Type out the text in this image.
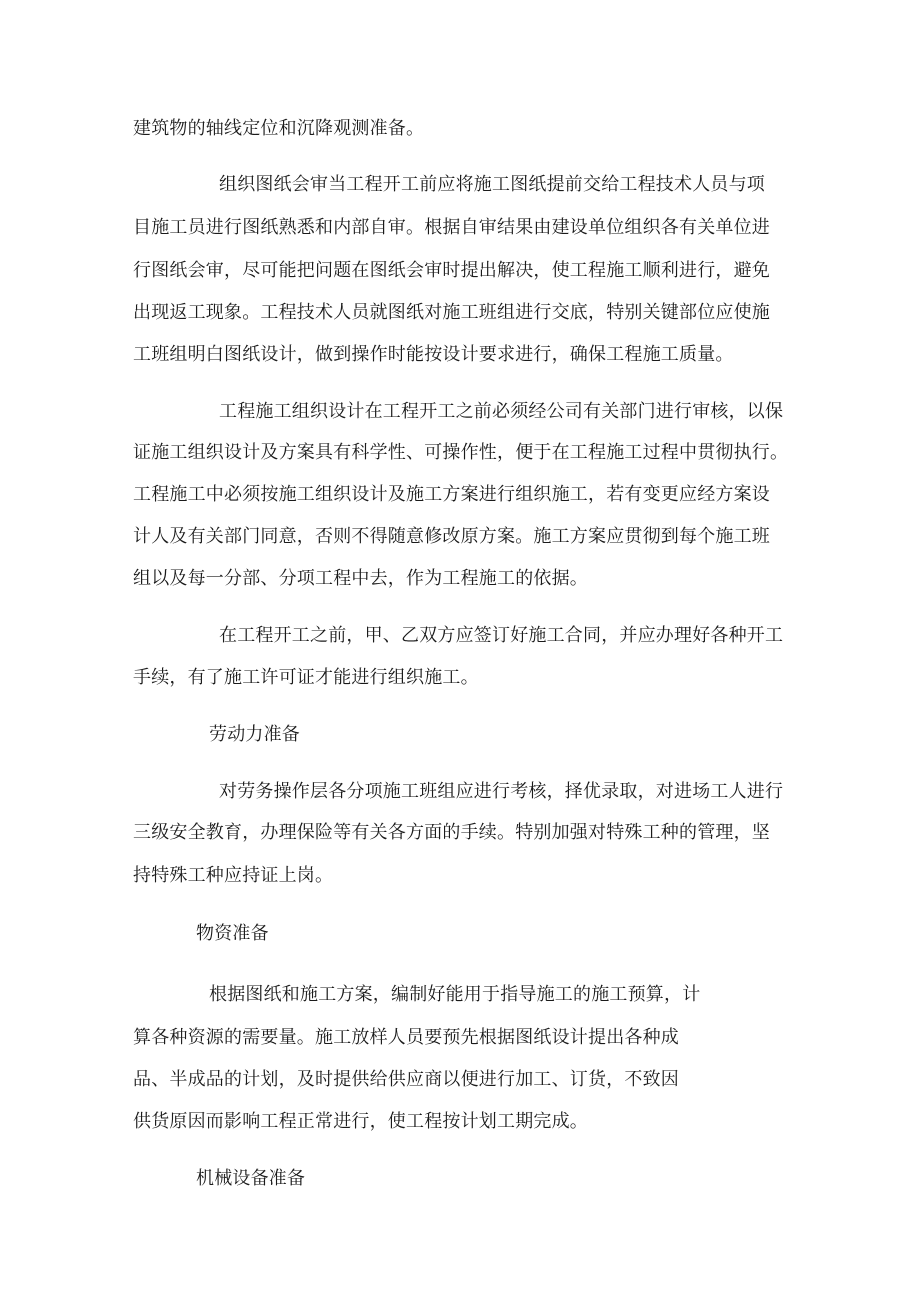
建筑物的轴线定位和沉降观测准备。
组织图纸会审当工程开工前应将施工图纸提前交给工程技术人员与项
目施工员进行图纸熟悉和内部自审。根据自审结果由建设单位组织各有关单位进
行图纸会审，尽可能把问题在图纸会审时提出解决，使工程施工顺利进行，避免
出现返工现象。工程技术人员就图纸对施工班组进行交底，特别关键部位应使施
工班组明白图纸设计，做到操作时能按设计要求进行，确保工程施工质量。
工程施工组织设计在工程开工之前必须经公司有关部门进行审核，以保
证施工组织设计及方案具有科学性、可操作性，便于在工程施工过程中贯彻执行。
工程施工中必须按施工组织设计及施工方案进行组织施工，若有变更应经方案设
计人及有关部门同意，否则不得随意修改原方案。施工方案应贯彻到每个施工班
组以及每一分部、分项工程中去，作为工程施工的依据。
在工程开工之前，甲、乙双方应签订好施工合同，并应办理好各种开工
手续，有了施工许可证才能进行组织施工。
劳动力准备
对劳务操作层各分项施工班组应进行考核，择优录取，对进场工人进行
三级安全教育，办理保险等有关各方面的手续。特别加强对特殊工种的管理，坚
持特殊工种应持证上岗。
物资准备
根据图纸和施工方案，编制好能用于指导施工的施工预算，计
算各种资源的需要量。施工放样人员要预先根据图纸设计提出各种成
品、半成品的计划，及时提供给供应商以便进行加工、订货，不致因
供货原因而影响工程正常进行，使工程按计划工期完成。
机械设备准备
